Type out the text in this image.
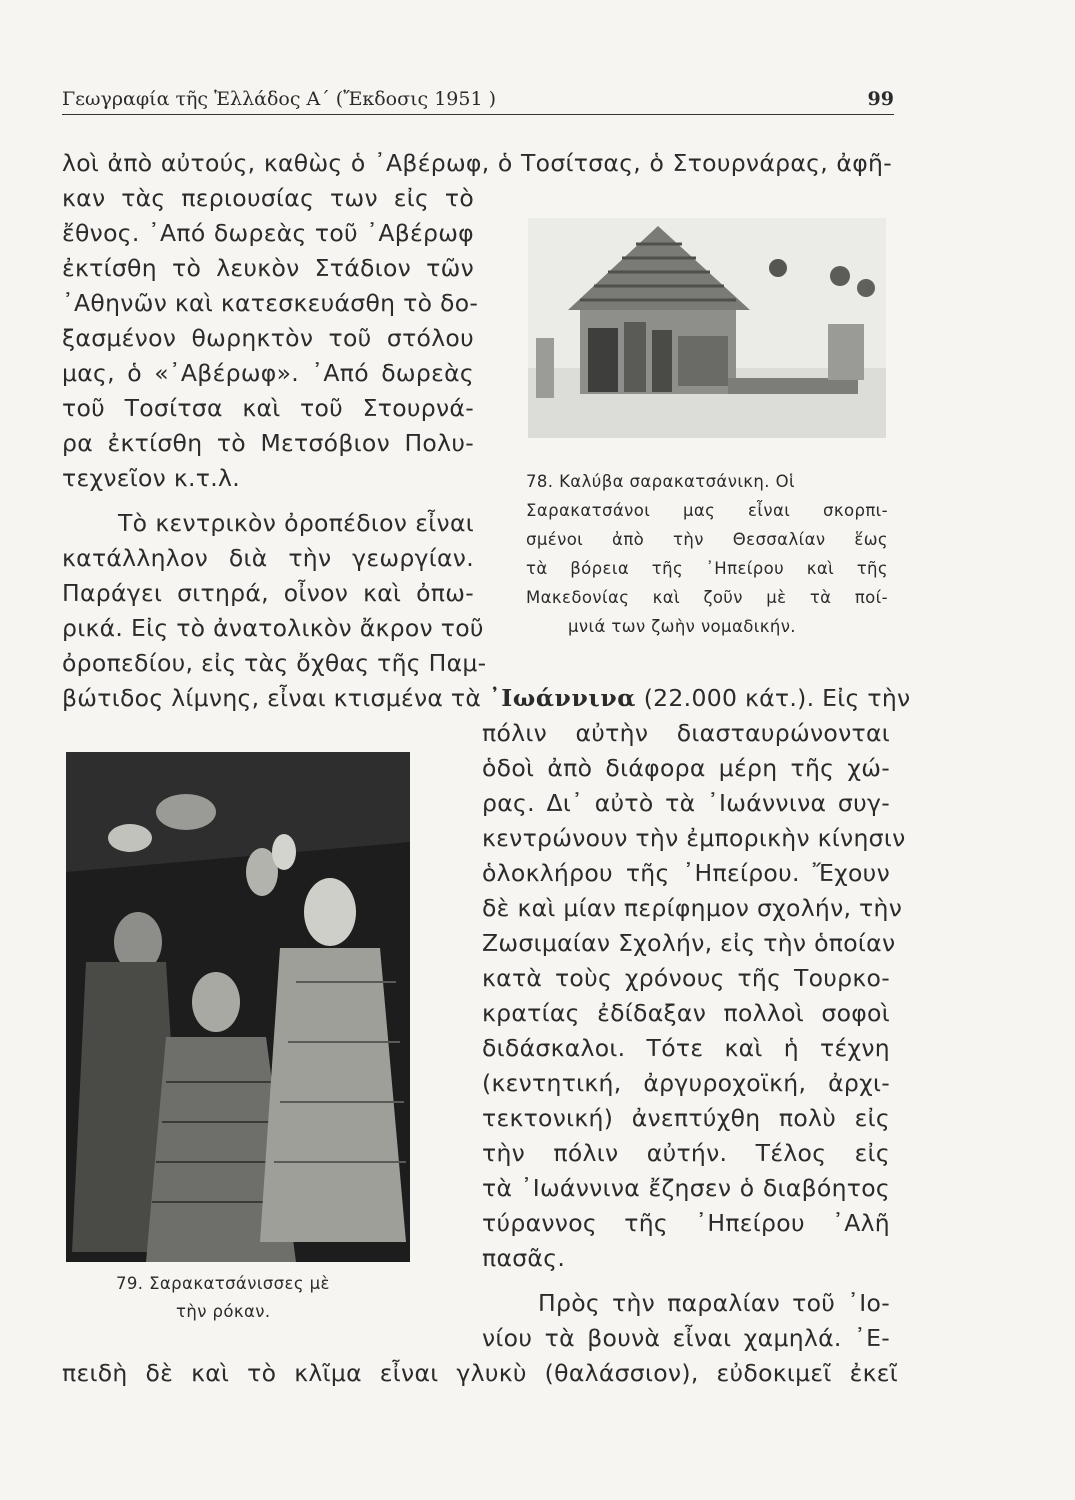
Γεωγραφία τῆς Ἑλλάδος Α΄ (Ἔκδοσις 1951 )	99
λοὶ ἀπὸ αὐτούς, καθὼς ὁ ᾿Αβέρωφ, ὁ Τοσίτσας, ὁ Στουρνάρας, ἀφῆ-
καν τὰς περιουσίας των εἰς τὸ
ἔθνος. ᾿Από δωρεὰς τοῦ ᾿Αβέρωφ
ἐκτίσθη τὸ λευκὸν Στάδιον τῶν
᾿Αθηνῶν καὶ κατεσκευάσθη τὸ δο-
ξασμένον θωρηκτὸν τοῦ στόλου
μας, ὁ «᾿Αβέρωφ». ᾿Από δωρεὰς
τοῦ Τοσίτσα καὶ τοῦ Στουρνά-
ρα ἐκτίσθη τὸ Μετσόβιον Πολυ-
τεχνεῖον κ.τ.λ.
Τὸ κεντρικὸν ὀροπέδιον εἶναι
κατάλληλον διὰ τὴν γεωργίαν.
Παράγει σιτηρά, οἶνον καὶ ὀπω-
ρικά. Εἰς τὸ ἀνατολικὸν ἄκρον τοῦ
ὀροπεδίου, εἰς τὰς ὄχθας τῆς Παμ-
βώτιδος λίμνης, εἶναι κτισμένα τὰ ᾿Ιωάννινα (22.000 κάτ.). Εἰς τὴν
πόλιν αὐτὴν διασταυρώνονται
ὁδοὶ ἀπὸ διάφορα μέρη τῆς χώ-
ρας. Δι᾿ αὐτὸ τὰ ᾿Ιωάννινα συγ-
κεντρώνουν τὴν ἐμπορικὴν κίνησιν
ὁλοκλήρου τῆς ᾿Ηπείρου. Ἔχουν
δὲ καὶ μίαν περίφημον σχολήν, τὴν
Ζωσιμαίαν Σχολήν, εἰς τὴν ὁποίαν
κατὰ τοὺς χρόνους τῆς Τουρκο-
κρατίας ἐδίδαξαν πολλοὶ σοφοὶ
διδάσκαλοι. Τότε καὶ ἡ τέχνη
(κεντητική, ἀργυροχοϊκή, ἀρχι-
τεκτονική) ἀνεπτύχθη πολὺ εἰς
τὴν πόλιν αὐτήν. Τέλος εἰς
τὰ ᾿Ιωάννινα ἔζησεν ὁ διαβόητος
τύραννος τῆς ᾿Ηπείρου ᾿Αλῆ
πασᾶς.
Πρὸς τὴν παραλίαν τοῦ ᾿Ιο-
νίου τὰ βουνὰ εἶναι χαμηλά. ᾿Ε-
πειδὴ δὲ καὶ τὸ κλῖμα εἶναι γλυκὺ (θαλάσσιον), εὐδοκιμεῖ ἐκεῖ
78. Καλύβα σαρακατσάνικη. Οἱ
Σαρακατσάνοι μας εἶναι σκορπι-
σμένοι ἀπὸ τὴν Θεσσαλίαν ἕως
τὰ βόρεια τῆς ᾿Ηπείρου καὶ τῆς
Μακεδονίας καὶ ζοῦν μὲ τὰ ποί-
μνιά των ζωὴν νομαδικήν.
79. Σαρακατσάνισσες μὲ
τὴν ρόκαν.
